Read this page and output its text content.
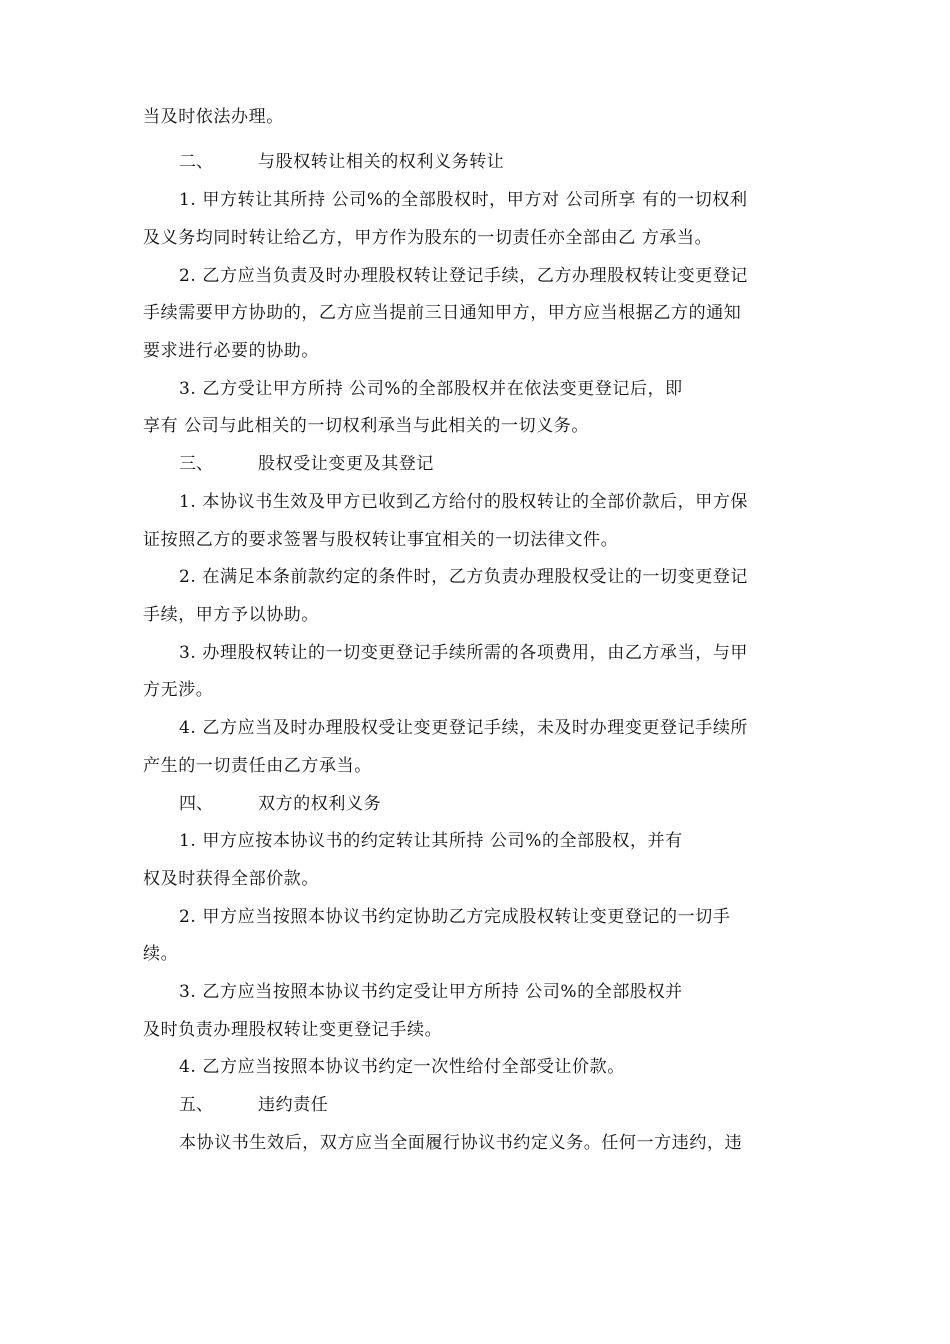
当及时依法办理。
二、	与股权转让相关的权利义务转让
1. 甲方转让其所持 公司%的全部股权时，甲方对 公司所享 有的一切权利
及义务均同时转让给乙方，甲方作为股东的一切责任亦全部由乙 方承当。
2. 乙方应当负责及时办理股权转让登记手续，乙方办理股权转让变更登记
手续需要甲方协助的，乙方应当提前三日通知甲方，甲方应当根据乙方的通知
要求进行必要的协助。
3. 乙方受让甲方所持 公司%的全部股权并在依法变更登记后，即
享有 公司与此相关的一切权利承当与此相关的一切义务。
三、	股权受让变更及其登记
1. 本协议书生效及甲方已收到乙方给付的股权转让的全部价款后，甲方保
证按照乙方的要求签署与股权转让事宜相关的一切法律文件。
2. 在满足本条前款约定的条件时，乙方负责办理股权受让的一切变更登记
手续，甲方予以协助。
3. 办理股权转让的一切变更登记手续所需的各项费用，由乙方承当，与甲
方无涉。
4. 乙方应当及时办理股权受让变更登记手续，未及时办理变更登记手续所
产生的一切责任由乙方承当。
四、	双方的权利义务
1. 甲方应按本协议书的约定转让其所持 公司%的全部股权，并有
权及时获得全部价款。
2. 甲方应当按照本协议书约定协助乙方完成股权转让变更登记的一切手
续。
3. 乙方应当按照本协议书约定受让甲方所持 公司%的全部股权并
及时负责办理股权转让变更登记手续。
4. 乙方应当按照本协议书约定一次性给付全部受让价款。
五、	违约责任
本协议书生效后，双方应当全面履行协议书约定义务。任何一方违约，违
